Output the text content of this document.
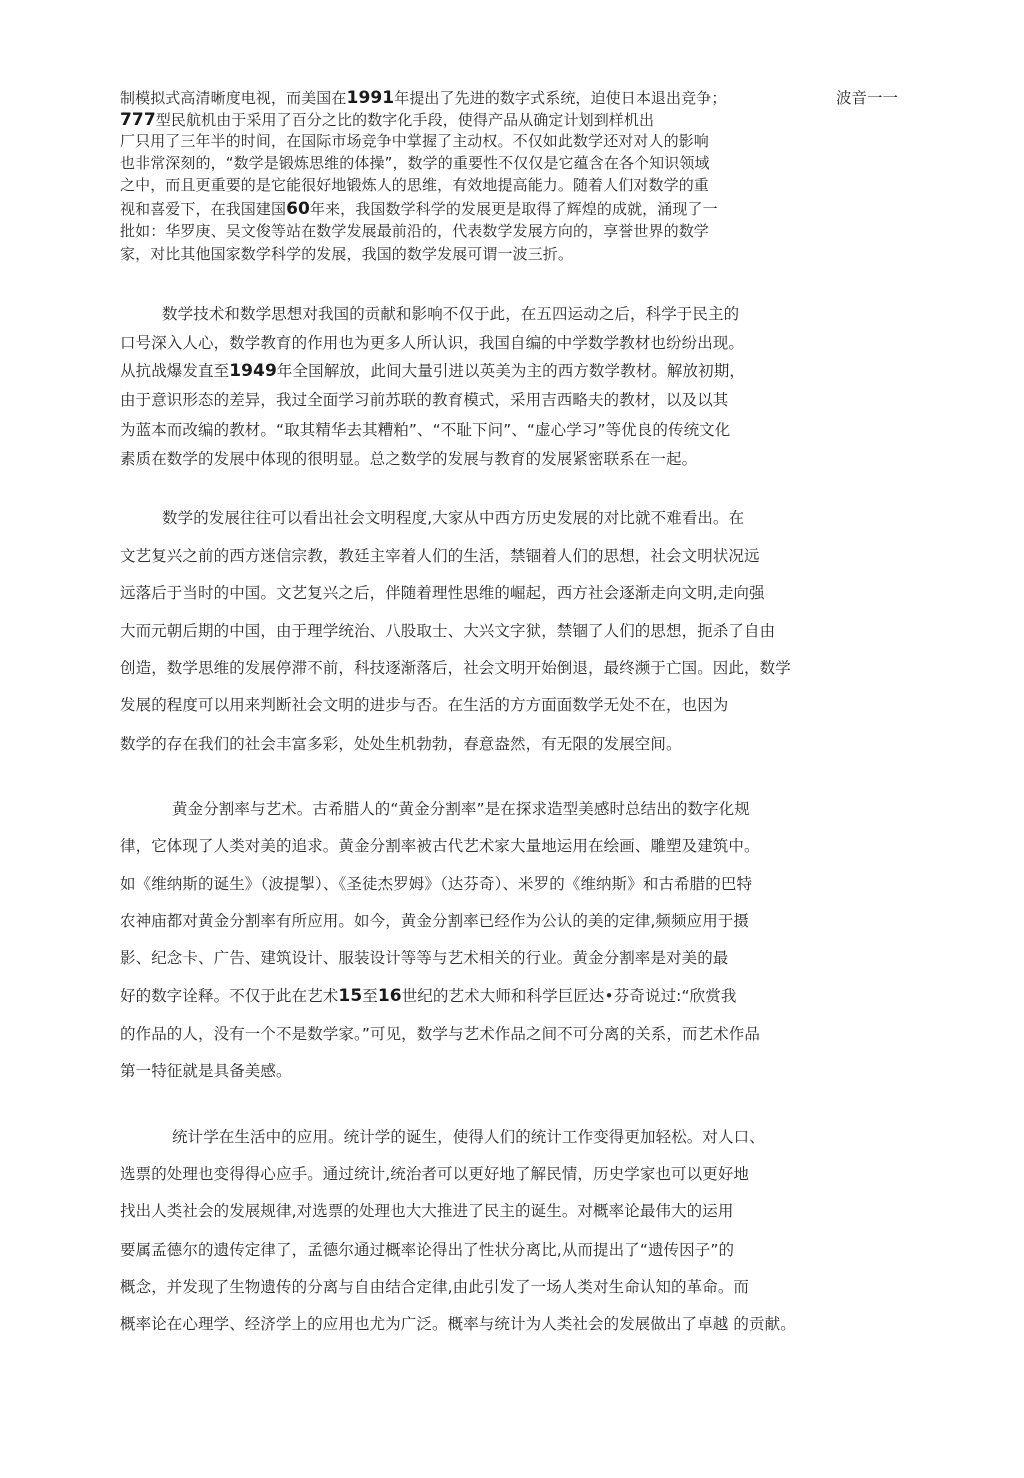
制模拟式高清晰度电视，而美国在1991年提出了先进的数字式系统，迫使日本退出竞争；	波音一一

777型民航机由于采用了百分之比的数字化手段，使得产品从确定计划到样机出

厂只用了三年半的时间，在国际市场竞争中掌握了主动权。不仅如此数学还对对人的影响

也非常深刻的，“数学是锻炼思维的体操”，数学的重要性不仅仅是它蕴含在各个知识领域

之中，而且更重要的是它能很好地锻炼人的思维，有效地提高能力。随着人们对数学的重

视和喜爱下，在我国建国60年来，我国数学科学的发展更是取得了辉煌的成就，涌现了一

批如：华罗庚、吴文俊等站在数学发展最前沿的，代表数学发展方向的，享誉世界的数学

家，对比其他国家数学科学的发展，我国的数学发展可谓一波三折。

数学技术和数学思想对我国的贡献和影响不仅于此，在五四运动之后，科学于民主的

口号深入人心，数学教育的作用也为更多人所认识，我国自编的中学数学教材也纷纷出现。

从抗战爆发直至1949年全国解放，此间大量引进以英美为主的西方数学教材。解放初期，

由于意识形态的差异，我过全面学习前苏联的教育模式，采用吉西略夫的教材，以及以其

为蓝本而改编的教材。“取其精华去其糟粕”、“不耻下问”、“虚心学习”等优良的传统文化

素质在数学的发展中体现的很明显。总之数学的发展与教育的发展紧密联系在一起。

数学的发展往往可以看出社会文明程度,大家从中西方历史发展的对比就不难看出。在

文艺复兴之前的西方迷信宗教，教廷主宰着人们的生活，禁锢着人们的思想，社会文明状况远

远落后于当时的中国。文艺复兴之后，伴随着理性思维的崛起，西方社会逐渐走向文明,走向强

大而元朝后期的中国，由于理学统治、八股取士、大兴文字狱，禁锢了人们的思想，扼杀了自由

创造，数学思维的发展停滞不前，科技逐渐落后，社会文明开始倒退，最终濒于亡国。因此，数学

发展的程度可以用来判断社会文明的进步与否。在生活的方方面面数学无处不在，也因为

数学的存在我们的社会丰富多彩，处处生机勃勃，春意盎然，有无限的发展空间。

黄金分割率与艺术。古希腊人的“黄金分割率”是在探求造型美感时总结出的数字化规

律，它体现了人类对美的追求。黄金分割率被古代艺术家大量地运用在绘画、雕塑及建筑中。

如《维纳斯的诞生》（波提掣）、《圣徒杰罗姆》（达芬奇）、米罗的《维纳斯》和古希腊的巴特

农神庙都对黄金分割率有所应用。如今，黄金分割率已经作为公认的美的定律,频频应用于摄

影、纪念卡、广告、建筑设计、服装设计等等与艺术相关的行业。黄金分割率是对美的最

好的数字诠释。不仅于此在艺术15至16世纪的艺术大师和科学巨匠达•芬奇说过:“欣赏我

的作品的人，没有一个不是数学家。”可见，数学与艺术作品之间不可分离的关系，而艺术作品

第一特征就是具备美感。

统计学在生活中的应用。统计学的诞生，使得人们的统计工作变得更加轻松。对人口、

选票的处理也变得得心应手。通过统计,统治者可以更好地了解民情，历史学家也可以更好地

找出人类社会的发展规律,对选票的处理也大大推进了民主的诞生。对概率论最伟大的运用

要属孟德尔的遗传定律了，孟德尔通过概率论得出了性状分离比,从而提出了“遗传因子”的

概念，并发现了生物遗传的分离与自由结合定律,由此引发了一场人类对生命认知的革命。而

概率论在心理学、经济学上的应用也尤为广泛。概率与统计为人类社会的发展做出了卓越 的贡献。
